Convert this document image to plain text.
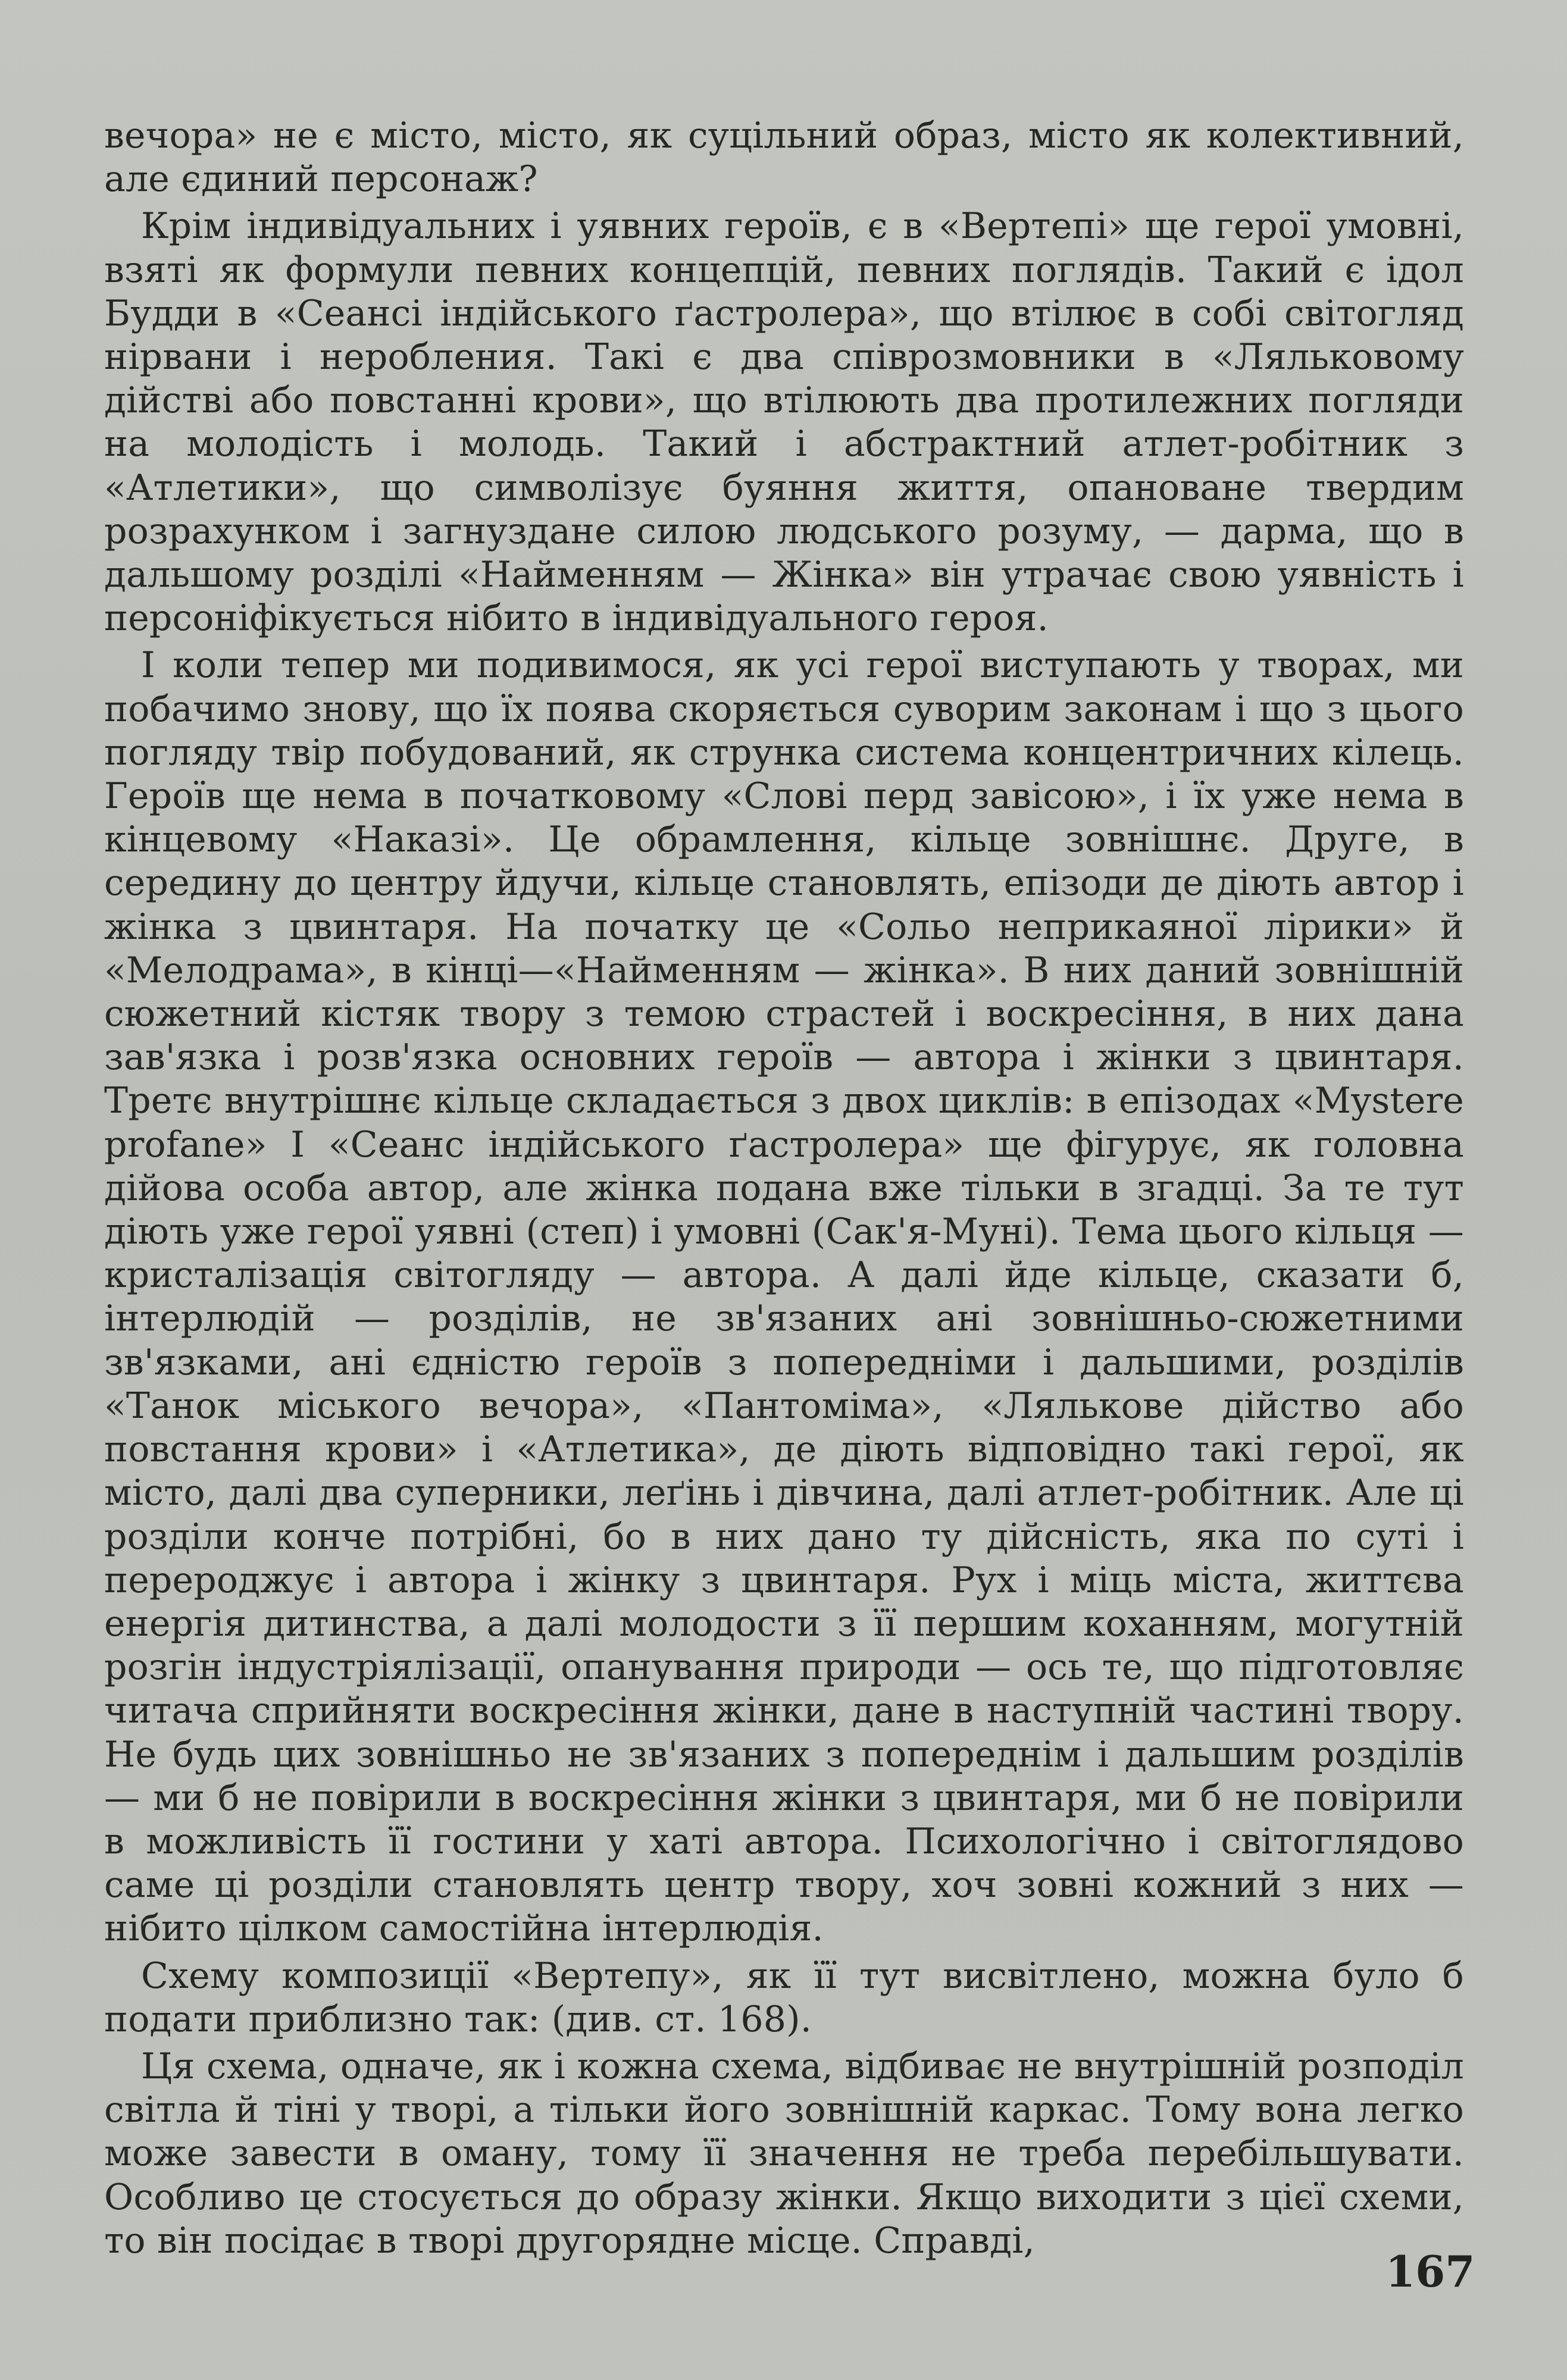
вечора» не є місто, місто, як суцільний образ, місто як колективний, але єдиний персонаж?

Крім індивідуальних і уявних героїв, є в «Вертепі» ще герої умовні, взяті як формули певних концепцій, певних поглядів. Такий є ідол Будди в «Сеансі індійського ґастролера», що втілює в собі світогляд нірвани і неробления. Такі є два співрозмовники в «Ляльковому дійстві або повстанні крови», що втілюють два протилежних погляди на молодість і молодь. Такий і абстрактний атлет-робітник з «Атлетики», що символізує буяння життя, опановане твердим розрахунком і загнуздане силою людського розуму, — дарма, що в дальшому розділі «Найменням — Жінка» він утрачає свою уявність і персоніфікується нібито в індивідуального героя.

І коли тепер ми подивимося, як усі герої виступають у творах, ми побачимо знову, що їх поява скоряється суворим законам і що з цього погляду твір побудований, як струнка система концентричних кілець. Героїв ще нема в початковому «Слові перд завісою», і їх уже нема в кінцевому «Наказі». Це обрамлення, кільце зовнішнє. Друге, в середину до центру йдучи, кільце становлять, епізоди де діють автор і жінка з цвинтаря. На початку це «Сольо неприкаяної лірики» й «Мелодрама», в кінці—«Найменням — жінка». В них даний зовнішній сюжетний кістяк твору з темою страстей і воскресіння, в них дана зав'язка і розв'язка основних героїв — автора і жінки з цвинтаря. Третє внутрішнє кільце складається з двох циклів: в епізодах «Mystere profane» І «Сеанс індійського ґастролера» ще фігурує, як головна дійова особа автор, але жінка подана вже тільки в згадці. За те тут діють уже герої уявні (степ) і умовні (Сак'я-Муні). Тема цього кільця — кристалізація світогляду — автора. А далі йде кільце, сказати б, інтерлюдій — розділів, не зв'язаних ані зовнішньо-сюжетними зв'язками, ані єдністю героїв з попередніми і дальшими, розділів «Танок міського вечора», «Пантоміма», «Лялькове дійство або повстання крови» і «Атлетика», де діють відповідно такі герої, як місто, далі два суперники, леґінь і дівчина, далі атлет-робітник. Але ці розділи конче потрібні, бо в них дано ту дійсність, яка по суті і перероджує і автора і жінку з цвинтаря. Рух і міць міста, життєва енергія дитинства, а далі молодости з її першим коханням, могутній розгін індустріялізації, опанування природи — ось те, що підготовляє читача сприйняти воскресіння жінки, дане в наступній частині твору. Не будь цих зовнішньо не зв'язаних з попереднім і дальшим розділів — ми б не повірили в воскресіння жінки з цвинтаря, ми б не повірили в можливість її гостини у хаті автора. Психологічно і світоглядово саме ці розділи становлять центр твору, хоч зовні кожний з них — нібито цілком самостійна інтерлюдія.

Схему композиції «Вертепу», як її тут висвітлено, можна було б подати приблизно так: (див. ст. 168).

Ця схема, одначе, як і кожна схема, відбиває не внутрішній розподіл світла й тіні у творі, а тільки його зовнішній каркас. Тому вона легко може завести в оману, тому її значення не треба перебільшувати. Особливо це стосується до образу жінки. Якщо виходити з цієї схеми, то він посідає в творі другорядне місце. Справді,

167
